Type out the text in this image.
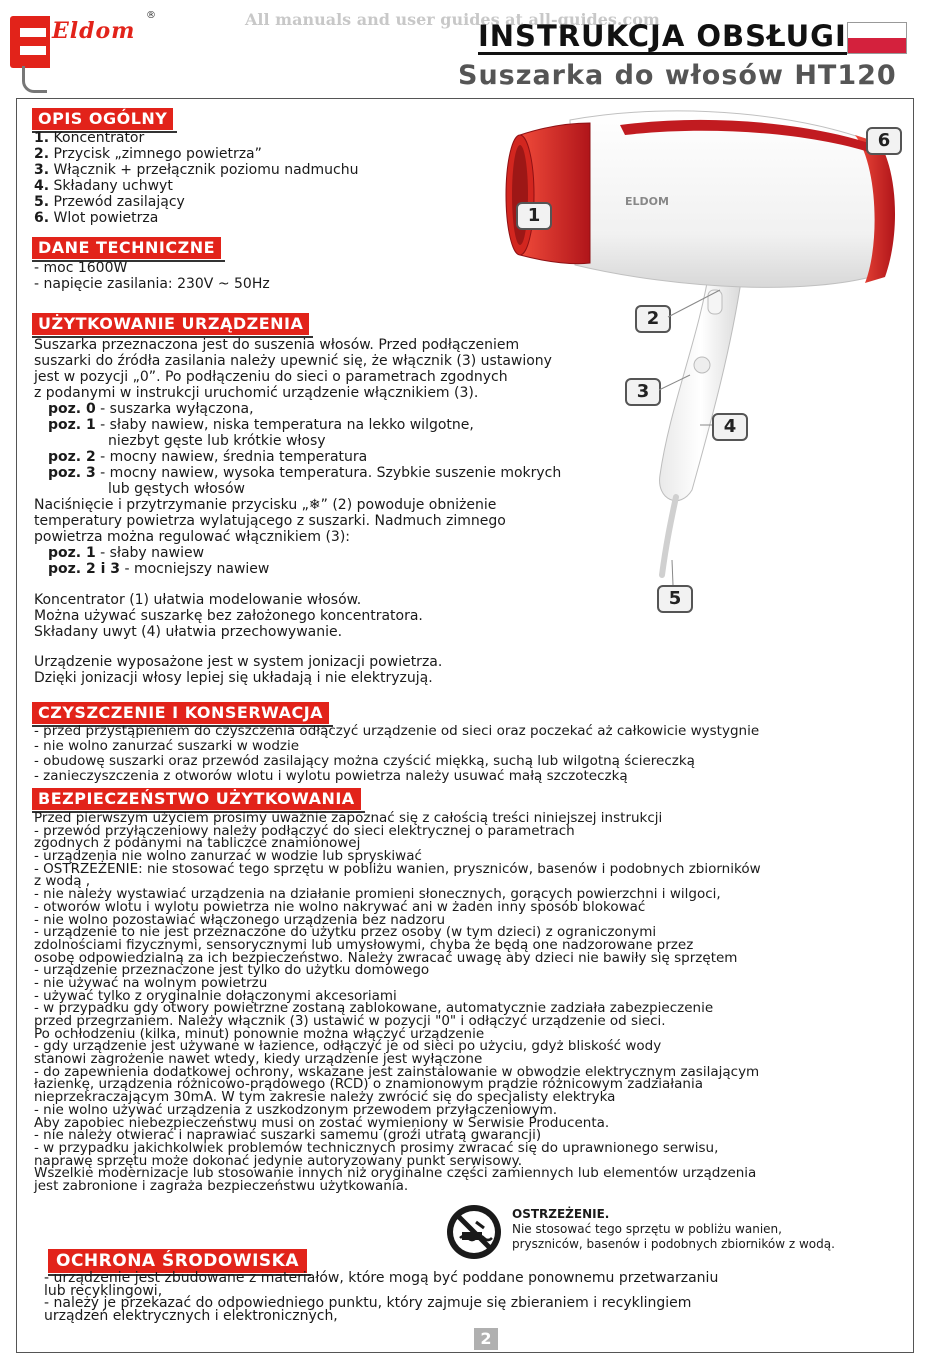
Eldom
®	All manuals and user guides at all-guides.com
INSTRUKCJA OBSŁUGI
Suszarka do włosów HT120
ELDOM
1
6
2
3
4
5
OPIS OGÓLNY
1. Koncentrator
2. Przycisk „zimnego powietrza”
3. Włącznik + przełącznik poziomu nadmuchu
4. Składany uchwyt
5. Przewód zasilający
6. Wlot powietrza
DANE TECHNICZNE
- moc 1600W
- napięcie zasilania: 230V ~ 50Hz
UŻYTKOWANIE URZĄDZENIA
Suszarka przeznaczona jest do suszenia włosów. Przed podłączeniem
suszarki do źródła zasilania należy upewnić się, że włącznik (3) ustawiony
jest w pozycji „0”. Po podłączeniu do sieci o parametrach zgodnych
z podanymi w instrukcji uruchomić urządzenie włącznikiem (3).
poz. 0 - suszarka wyłączona,
poz. 1 - słaby nawiew, niska temperatura na lekko wilgotne,
niezbyt gęste lub krótkie włosy
poz. 2 - mocny nawiew, średnia temperatura
poz. 3 - mocny nawiew, wysoka temperatura. Szybkie suszenie mokrych
lub gęstych włosów
Naciśnięcie i przytrzymanie przycisku „❄” (2) powoduje obniżenie
temperatury powietrza wylatującego z suszarki. Nadmuch zimnego
powietrza można regulować włącznikiem (3):
poz. 1 - słaby nawiew
poz. 2 i 3 - mocniejszy nawiew
Koncentrator (1) ułatwia modelowanie włosów.
Można używać suszarkę bez założonego koncentratora.
Składany uwyt (4) ułatwia przechowywanie.
Urządzenie wyposażone jest w system jonizacji powietrza.
Dzięki jonizacji włosy lepiej się układają i nie elektryzują.
CZYSZCZENIE I KONSERWACJA
- przed przystąpieniem do czyszczenia odłączyć urządzenie od sieci oraz poczekać aż całkowicie wystygnie
- nie wolno zanurzać suszarki w wodzie
- obudowę suszarki oraz przewód zasilający można czyścić miękką, suchą lub wilgotną ściereczką
- zanieczyszczenia z otworów wlotu i wylotu powietrza należy usuwać małą szczoteczką
BEZPIECZEŃSTWO UŻYTKOWANIA
Przed pierwszym użyciem prosimy uważnie zapoznać się z całością treści niniejszej instrukcji
- przewód przyłączeniowy należy podłączyć do sieci elektrycznej o parametrach
zgodnych z podanymi na tabliczce znamionowej
- urządzenia nie wolno zanurzać w wodzie lub spryskiwać
- OSTRZEŻENIE: nie stosować tego sprzętu w pobliżu wanien, pryszniców, basenów i podobnych zbiorników
z wodą ,
- nie należy wystawiać urządzenia na działanie promieni słonecznych, gorących powierzchni i wilgoci,
- otworów wlotu i wylotu powietrza nie wolno nakrywać ani w żaden inny sposób blokować
- nie wolno pozostawiać włączonego urządzenia bez nadzoru
- urządzenie to nie jest przeznaczone do użytku przez osoby (w tym dzieci) z ograniczonymi
zdolnościami fizycznymi, sensorycznymi lub umysłowymi, chyba że będą one nadzorowane przez
osobę odpowiedzialną za ich bezpieczeństwo. Należy zwracać uwagę aby dzieci nie bawiły się sprzętem
- urządzenie przeznaczone jest tylko do użytku domowego
- nie używać na wolnym powietrzu
- używać tylko z oryginalnie dołączonymi akcesoriami
- w przypadku gdy otwory powietrzne zostaną zablokowane, automatycznie zadziała zabezpieczenie
przed przegrzaniem. Należy włącznik (3) ustawić w pozycji "0" i odłączyć urządzenie od sieci.
Po ochłodzeniu (kilka, minut) ponownie można włączyć urządzenie
- gdy urządzenie jest używane w łazience, odłączyć je od sieci po użyciu, gdyż bliskość wody
stanowi zagrożenie nawet wtedy, kiedy urządzenie jest wyłączone
- do zapewnienia dodatkowej ochrony, wskazane jest zainstalowanie w obwodzie elektrycznym zasilającym
łazienkę, urządzenia różnicowo-prądowego (RCD) o znamionowym prądzie różnicowym zadziałania
nieprzekraczającym 30mA. W tym zakresie należy zwrócić się do specjalisty elektryka
- nie wolno używać urządzenia z uszkodzonym przewodem przyłączeniowym.
Aby zapobiec niebezpieczeństwu musi on zostać wymieniony w Serwisie Producenta.
- nie należy otwierać i naprawiać suszarki samemu (groźi utratą gwarancji)
- w przypadku jakichkolwiek problemów technicznych prosimy zwracać się do uprawnionego serwisu,
naprawę sprzętu może dokonać jedynie autoryzowany punkt serwisowy.
Wszelkie modernizacje lub stosowanie innych niż oryginalne części zamiennych lub elementów urządzenia
jest zabronione i zagraża bezpieczeństwu użytkowania.
OSTRZEŻENIE.
Nie stosować tego sprzętu w pobliżu wanien,
pryszniców, basenów i podobnych zbiorników z wodą.
OCHRONA ŚRODOWISKA
- urządzenie jest zbudowane z materiałów, które mogą być poddane ponownemu przetwarzaniu
lub recyklingowi,
- należy je przekazać do odpowiedniego punktu, który zajmuje się zbieraniem i recyklingiem
urządzeń elektrycznych i elektronicznych,
2
